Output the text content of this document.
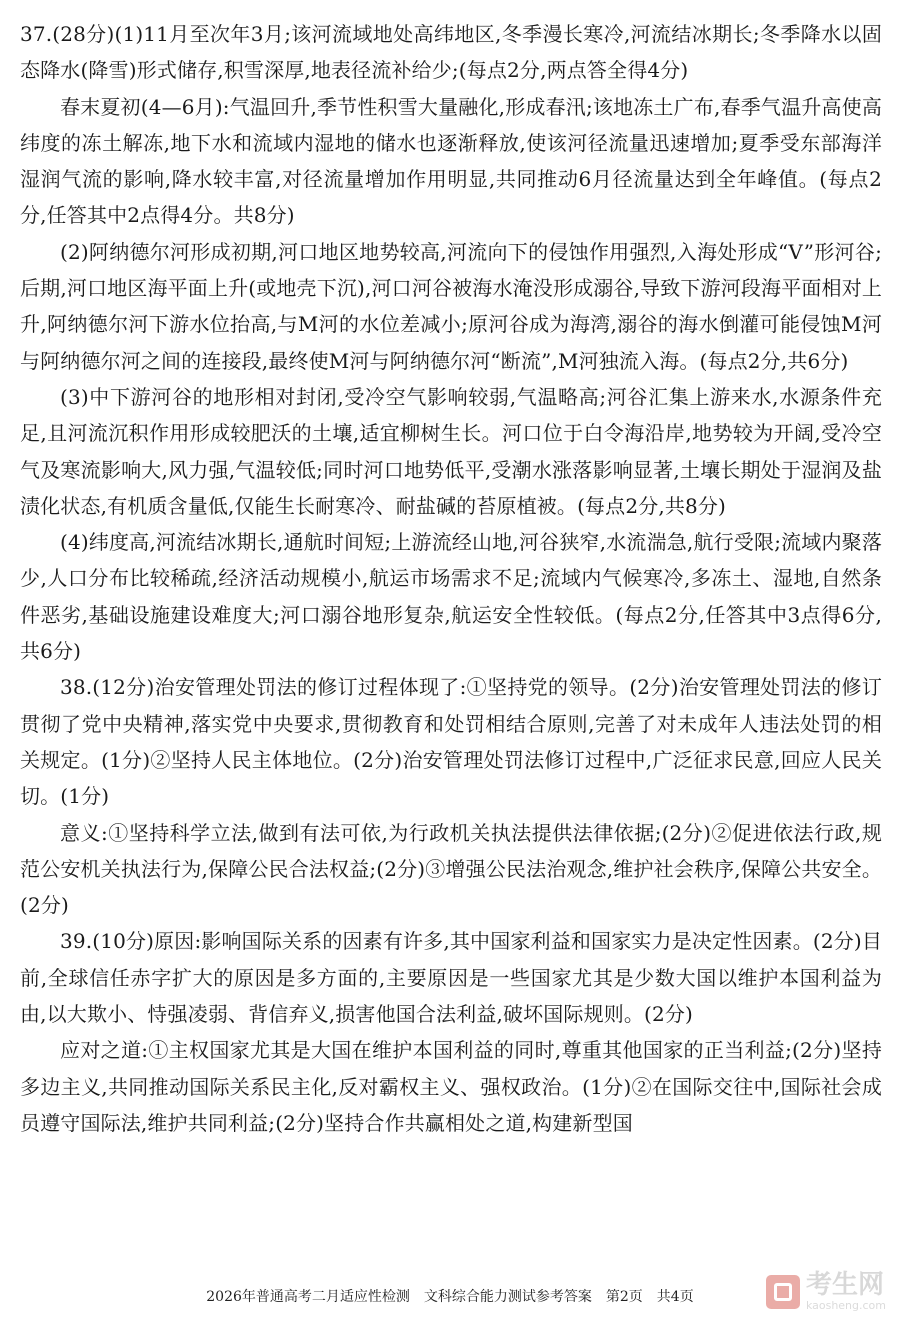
37.(28分)(1)11月至次年3月;该河流域地处高纬地区,冬季漫长寒冷,河流结冰期长;冬季降水以固态降水(降雪)形式储存,积雪深厚,地表径流补给少;(每点2分,两点答全得4分)

春末夏初(4—6月):气温回升,季节性积雪大量融化,形成春汛;该地冻土广布,春季气温升高使高纬度的冻土解冻,地下水和流域内湿地的储水也逐渐释放,使该河径流量迅速增加;夏季受东部海洋湿润气流的影响,降水较丰富,对径流量增加作用明显,共同推动6月径流量达到全年峰值。(每点2分,任答其中2点得4分。共8分)

(2)阿纳德尔河形成初期,河口地区地势较高,河流向下的侵蚀作用强烈,入海处形成“V”形河谷;后期,河口地区海平面上升(或地壳下沉),河口河谷被海水淹没形成溺谷,导致下游河段海平面相对上升,阿纳德尔河下游水位抬高,与M河的水位差减小;原河谷成为海湾,溺谷的海水倒灌可能侵蚀M河与阿纳德尔河之间的连接段,最终使M河与阿纳德尔河“断流”,M河独流入海。(每点2分,共6分)

(3)中下游河谷的地形相对封闭,受冷空气影响较弱,气温略高;河谷汇集上游来水,水源条件充足,且河流沉积作用形成较肥沃的土壤,适宜柳树生长。河口位于白令海沿岸,地势较为开阔,受冷空气及寒流影响大,风力强,气温较低;同时河口地势低平,受潮水涨落影响显著,土壤长期处于湿润及盐渍化状态,有机质含量低,仅能生长耐寒冷、耐盐碱的苔原植被。(每点2分,共8分)

(4)纬度高,河流结冰期长,通航时间短;上游流经山地,河谷狭窄,水流湍急,航行受限;流域内聚落少,人口分布比较稀疏,经济活动规模小,航运市场需求不足;流域内气候寒冷,多冻土、湿地,自然条件恶劣,基础设施建设难度大;河口溺谷地形复杂,航运安全性较低。(每点2分,任答其中3点得6分,共6分)

38.(12分)治安管理处罚法的修订过程体现了:①坚持党的领导。(2分)治安管理处罚法的修订贯彻了党中央精神,落实党中央要求,贯彻教育和处罚相结合原则,完善了对未成年人违法处罚的相关规定。(1分)②坚持人民主体地位。(2分)治安管理处罚法修订过程中,广泛征求民意,回应人民关切。(1分)

意义:①坚持科学立法,做到有法可依,为行政机关执法提供法律依据;(2分)②促进依法行政,规范公安机关执法行为,保障公民合法权益;(2分)③增强公民法治观念,维护社会秩序,保障公共安全。(2分)

39.(10分)原因:影响国际关系的因素有许多,其中国家利益和国家实力是决定性因素。(2分)目前,全球信任赤字扩大的原因是多方面的,主要原因是一些国家尤其是少数大国以维护本国利益为由,以大欺小、恃强凌弱、背信弃义,损害他国合法利益,破坏国际规则。(2分)

应对之道:①主权国家尤其是大国在维护本国利益的同时,尊重其他国家的正当利益;(2分)坚持多边主义,共同推动国际关系民主化,反对霸权主义、强权政治。(1分)②在国际交往中,国际社会成员遵守国际法,维护共同利益;(2分)坚持合作共赢相处之道,构建新型国

2026年普通高考二月适应性检测　文科综合能力测试参考答案　第2页　共4页	考生网
kaosheng.com
